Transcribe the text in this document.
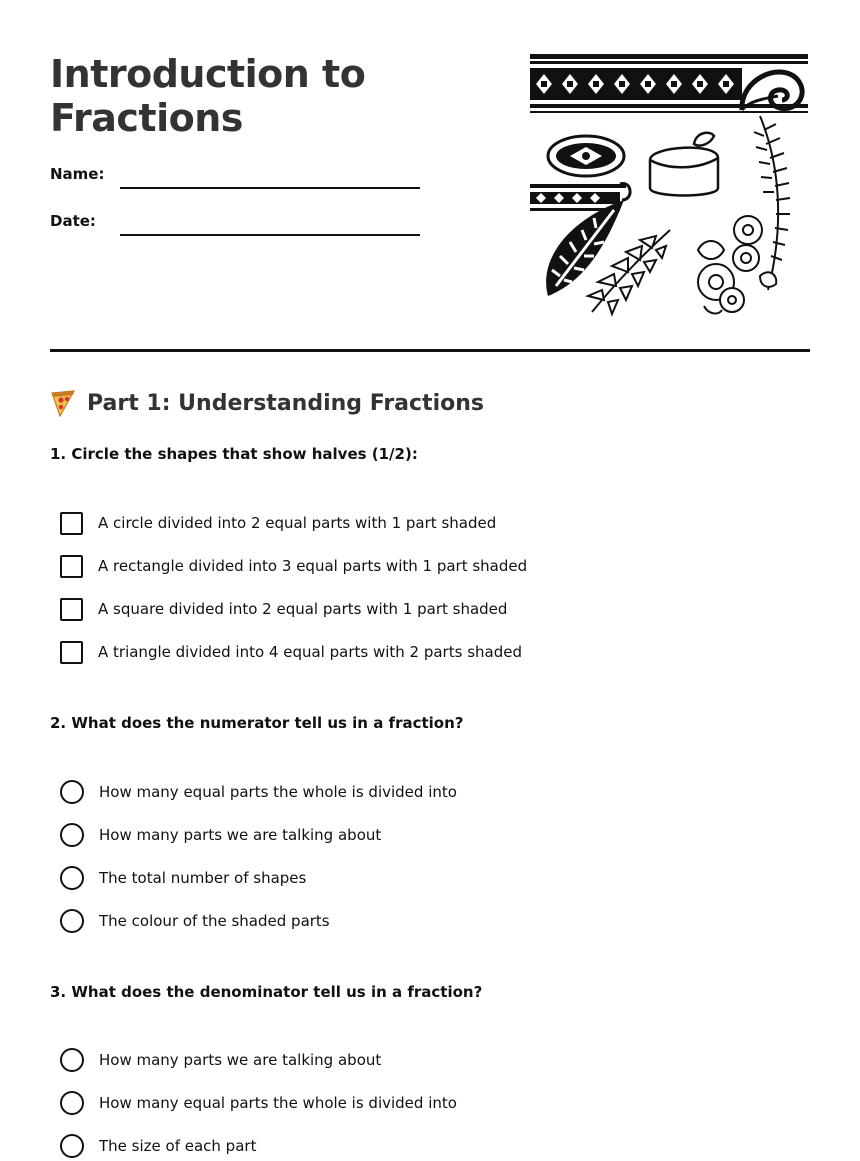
Introduction to Fractions
Name:
Date:
Part 1: Understanding Fractions
1. Circle the shapes that show halves (1/2):
A circle divided into 2 equal parts with 1 part shaded
A rectangle divided into 3 equal parts with 1 part shaded
A square divided into 2 equal parts with 1 part shaded
A triangle divided into 4 equal parts with 2 parts shaded
2. What does the numerator tell us in a fraction?
How many equal parts the whole is divided into
How many parts we are talking about
The total number of shapes
The colour of the shaded parts
3. What does the denominator tell us in a fraction?
How many parts we are talking about
How many equal parts the whole is divided into
The size of each part
